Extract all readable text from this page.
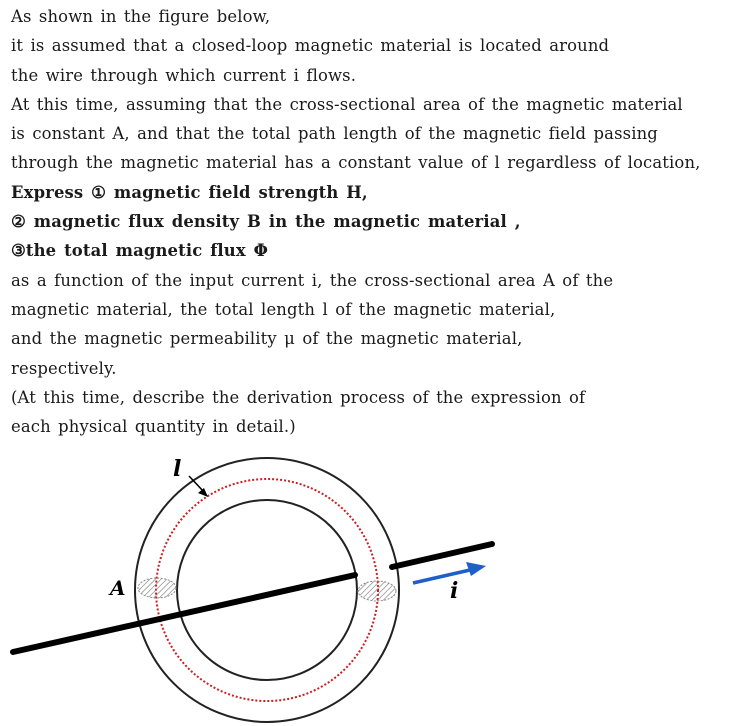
As shown in the figure below,
it is assumed that a closed-loop magnetic material is located around
the wire through which current i flows.
At this time, assuming that the cross-sectional area of the magnetic material
is constant A, and that the total path length of the magnetic field passing
through the magnetic material has a constant value of l regardless of location,
Express ① magnetic field strength H,
② magnetic flux density B in the magnetic material ,
③the total magnetic flux Φ
as a function of the input current i, the cross-sectional area A of the
magnetic material, the total length l of the magnetic material,
and the magnetic permeability μ of the magnetic material,
respectively.
(At this time, describe the derivation process of the expression of
each physical quantity in detail.)
l
A	i
